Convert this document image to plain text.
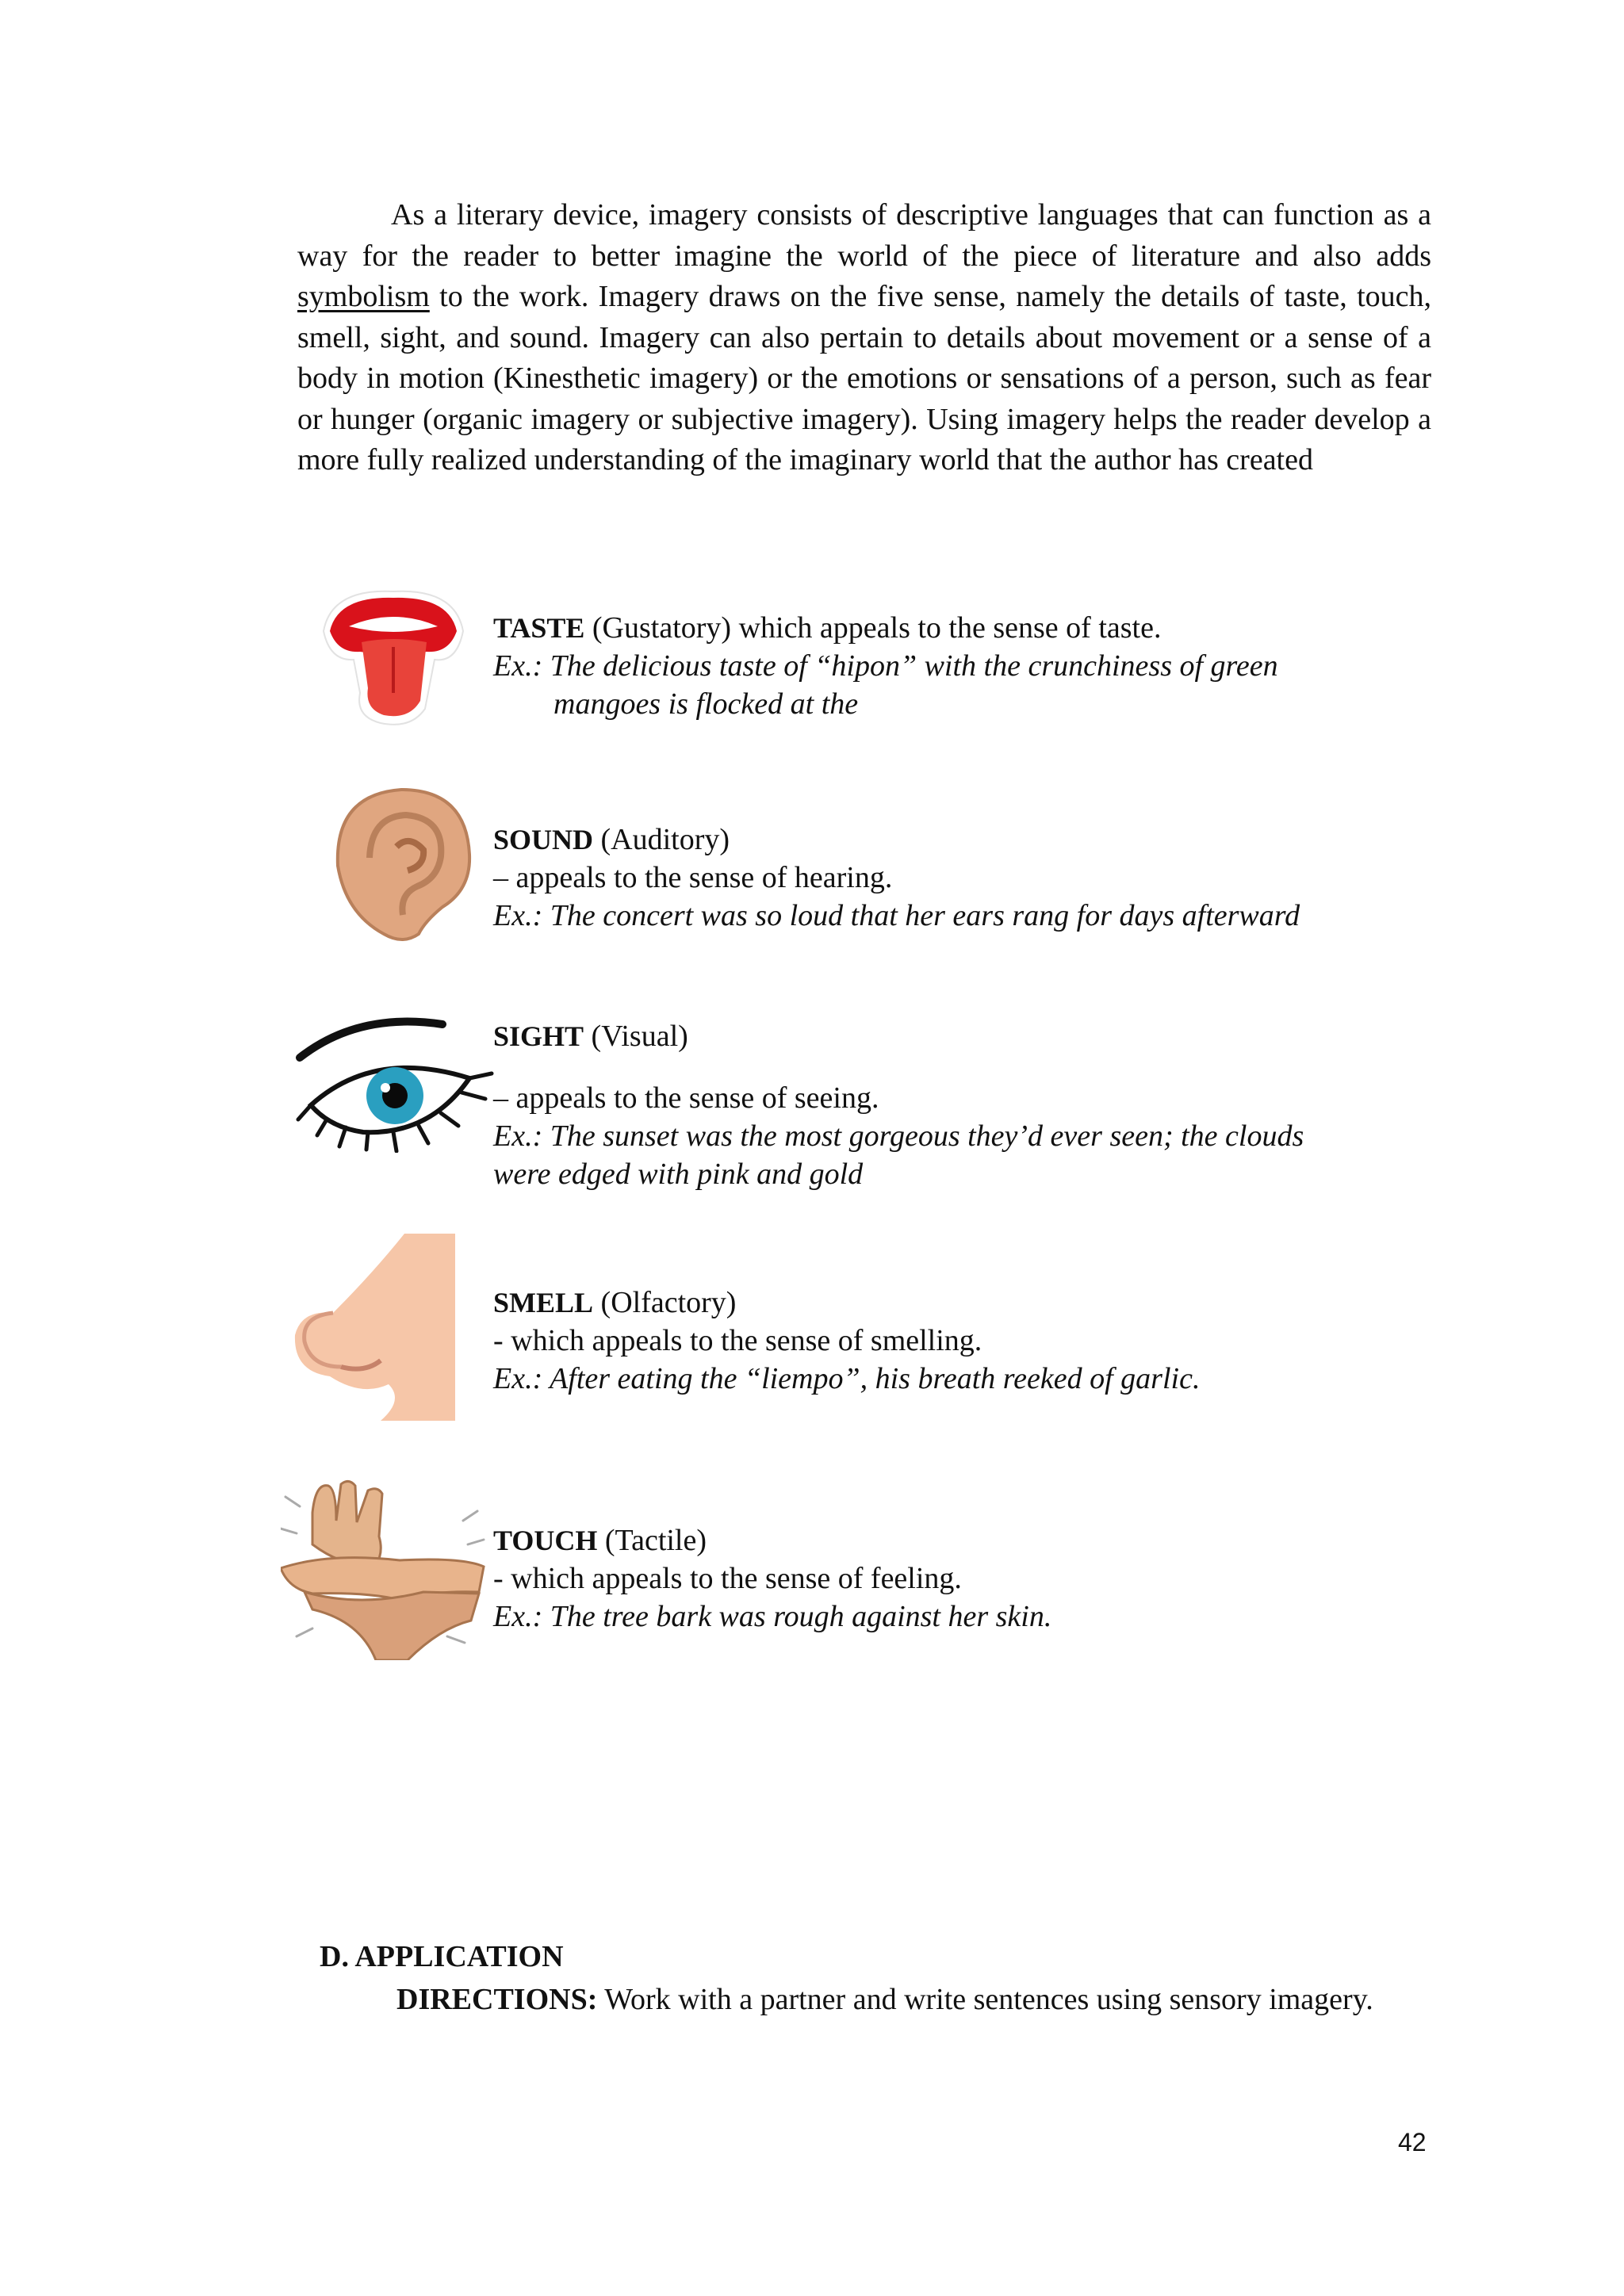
As a literary device, imagery consists of descriptive languages that can function as a way for the reader to better imagine the world of the piece of literature and also adds symbolism to the work. Imagery draws on the five sense, namely the details of taste, touch, smell, sight, and sound. Imagery can also pertain to details about movement or a sense of a body in motion (Kinesthetic imagery) or the emotions or sensations of a person, such as fear or hunger (organic imagery or subjective imagery). Using imagery helps the reader develop a more fully realized understanding of the imaginary world that the author has created

TASTE (Gustatory) which appeals to the sense of taste.
Ex.: The delicious taste of “hipon” with the crunchiness of green
mangoes is flocked at the
SOUND (Auditory)
– appeals to the sense of hearing.
Ex.: The concert was so loud that her ears rang for days afterward
SIGHT (Visual)
– appeals to the sense of seeing.
Ex.: The sunset was the most gorgeous they’d ever seen; the clouds
were edged with pink and gold
SMELL (Olfactory)
- which appeals to the sense of smelling.
Ex.: After eating the “liempo”, his breath reeked of garlic.
TOUCH (Tactile)
- which appeals to the sense of feeling.
Ex.: The tree bark was rough against her skin.
D. APPLICATION
DIRECTIONS: Work with a partner and write sentences using sensory imagery.
42
